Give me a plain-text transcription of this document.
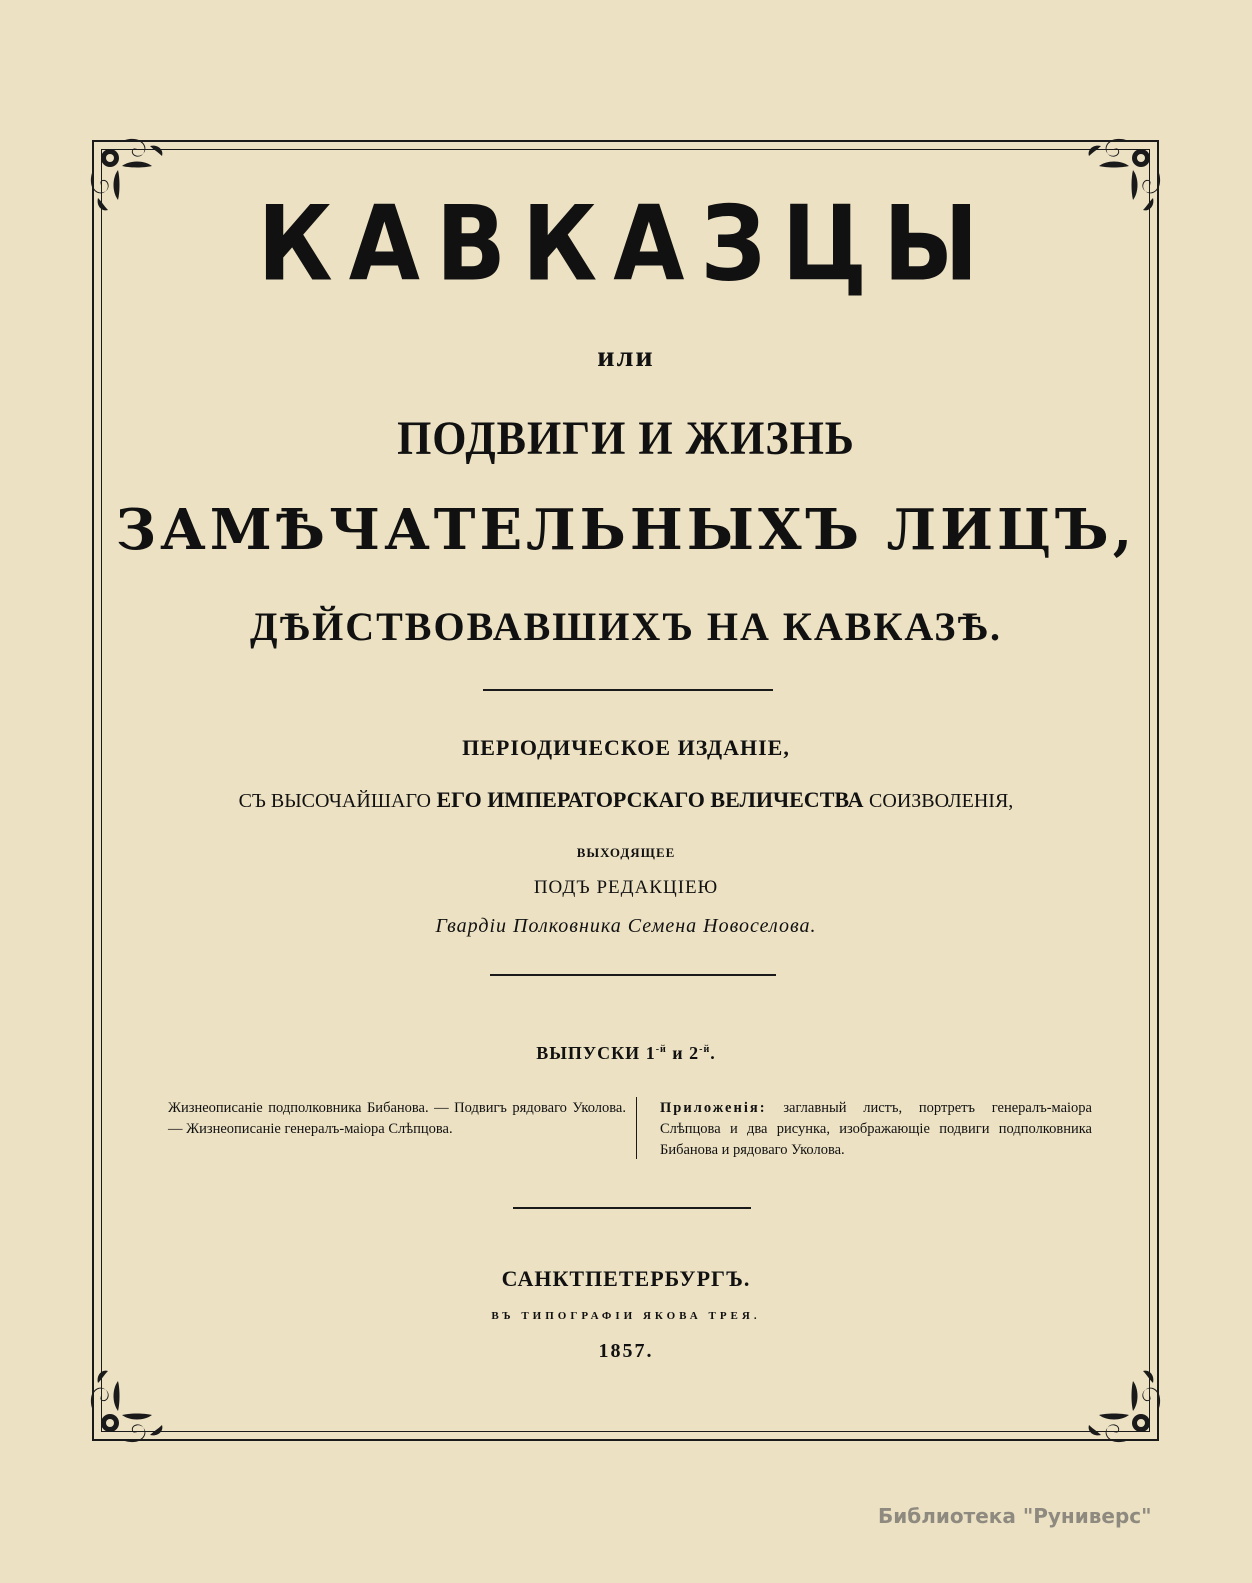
КАВКАЗЦЫ
или
ПОДВИГИ И ЖИЗНЬ
ЗАМѢЧАТЕЛЬНЫХЪ ЛИЦЪ,
ДѢЙСТВОВАВШИХЪ НА КАВКАЗѢ.
ПЕРІОДИЧЕСКОЕ ИЗДАНІЕ,
СЪ ВЫСОЧАЙШАГО ЕГО ИМПЕРАТОРСКАГО ВЕЛИЧЕСТВА СОИЗВОЛЕНІЯ,
ВЫХОДЯЩЕЕ
ПОДЪ РЕДАКЦІЕЮ
Гвардіи Полковника Семена Новоселова.
ВЫПУСКИ $1^{-й}$ и $2^{-й}$.
Жизнеописаніе подполковника Бибанова. — Подвигъ рядоваго Уколова. — Жизнеописаніе генералъ-маіора Слѣпцова.
Приложенія: заглавный листъ, портретъ генералъ-маіора Слѣпцова и два рисунка, изображающіе подвиги подполковника Бибанова и рядоваго Уколова.
САНКТПЕТЕРБУРГЪ.
ВЪ ТИПОГРАФІИ ЯКОВА ТРЕЯ.
1857.
Библиотека "Руниверс"
